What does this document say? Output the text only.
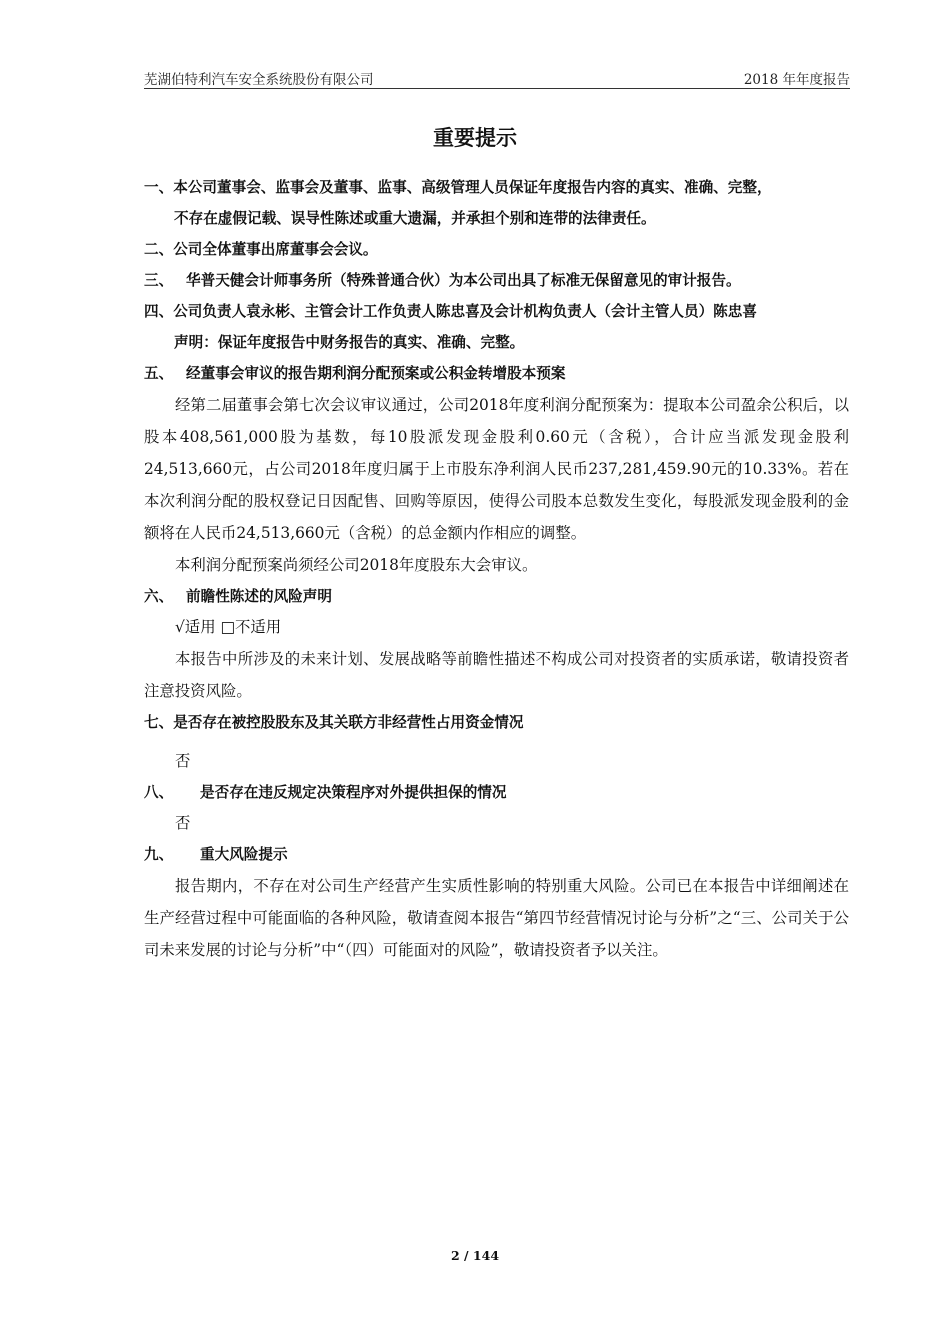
芜湖伯特利汽车安全系统股份有限公司	2018 年年度报告
重要提示
一、本公司董事会、监事会及董事、监事、高级管理人员保证年度报告内容的真实、准确、完整，
不存在虚假记载、误导性陈述或重大遗漏，并承担个别和连带的法律责任。
二、公司全体董事出席董事会会议。
三、 华普天健会计师事务所（特殊普通合伙）为本公司出具了标准无保留意见的审计报告。
四、公司负责人袁永彬、主管会计工作负责人陈忠喜及会计机构负责人（会计主管人员）陈忠喜
声明：保证年度报告中财务报告的真实、准确、完整。
五、 经董事会审议的报告期利润分配预案或公积金转增股本预案
经第二届董事会第七次会议审议通过，公司2018年度利润分配预案为：提取本公司盈余公积后，以股本408,561,000股为基数，每10股派发现金股利0.60元（含税），合计应当派发现金股利24,513,660元，占公司2018年度归属于上市股东净利润人民币237,281,459.90元的10.33%。若在本次利润分配的股权登记日因配售、回购等原因，使得公司股本总数发生变化，每股派发现金股利的金额将在人民币24,513,660元（含税）的总金额内作相应的调整。
本利润分配预案尚须经公司2018年度股东大会审议。
六、 前瞻性陈述的风险声明
√适用 □不适用
本报告中所涉及的未来计划、发展战略等前瞻性描述不构成公司对投资者的实质承诺，敬请投资者注意投资风险。
七、是否存在被控股股东及其关联方非经营性占用资金情况
否
八、 是否存在违反规定决策程序对外提供担保的情况
否
九、 重大风险提示
报告期内，不存在对公司生产经营产生实质性影响的特别重大风险。公司已在本报告中详细阐述在生产经营过程中可能面临的各种风险，敬请查阅本报告“第四节经营情况讨论与分析”之“三、公司关于公司未来发展的讨论与分析”中“（四）可能面对的风险”，敬请投资者予以关注。
2 / 144
